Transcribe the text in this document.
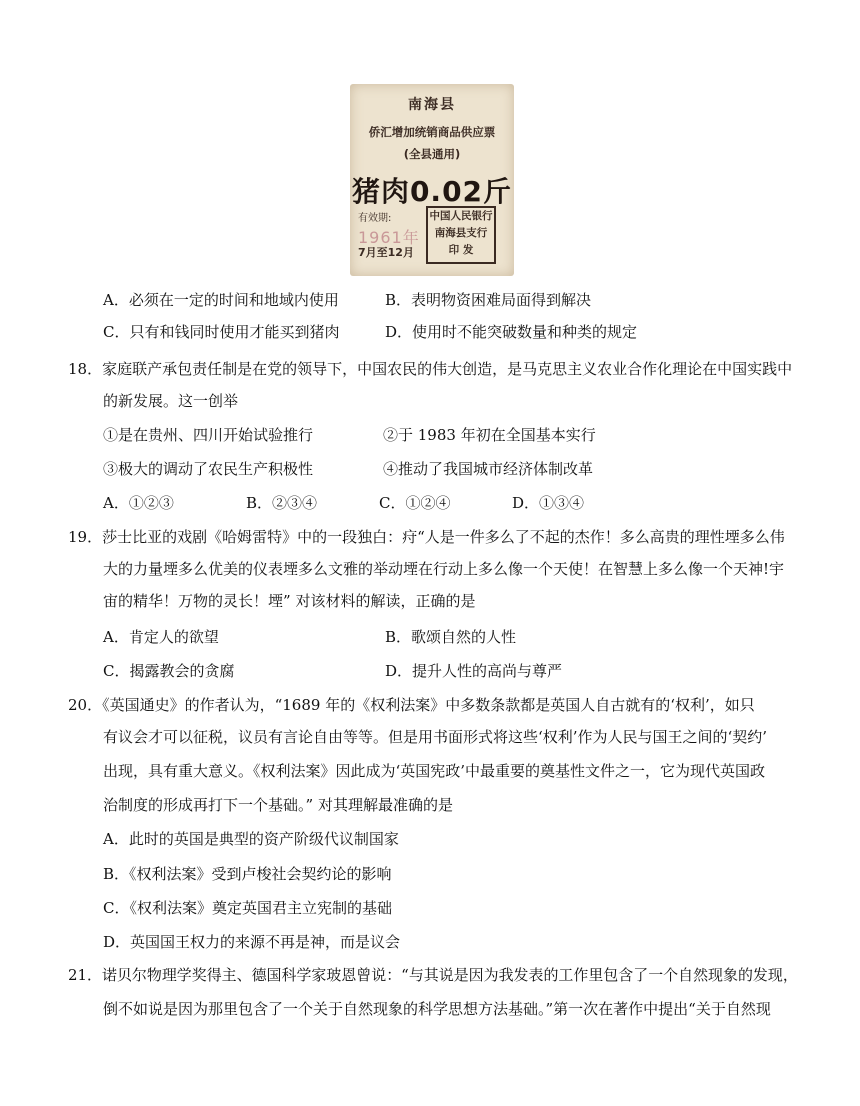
南海县
侨汇增加统销商品供应票
(全县通用)
猪肉0.02斤
有效期:
1961年
7月至12月
中国人民银行
南海县支行
印 发
A．必须在一定的时间和地域内使用	B．表明物资困难局面得到解决
C．只有和钱同时使用才能买到猪肉	D．使用时不能突破数量和种类的规定
18．家庭联产承包责任制是在党的领导下，中国农民的伟大创造，是马克思主义农业合作化理论在中国实践中
的新发展。这一创举
①是在贵州、四川开始试验推行	②于 1983 年初在全国基本实行
③极大的调动了农民生产积极性	④推动了我国城市经济体制改革
A．①②③	B．②③④	C．①②④	D．①③④
19．莎士比亚的戏剧《哈姆雷特》中的一段独白：疛“人是一件多么了不起的杰作！多么高贵的理性堙多么伟
大的力量堙多么优美的仪表堙多么文雅的举动堙在行动上多么像一个天使！在智慧上多么像一个天神!宇
宙的精华！万物的灵长！堙” 对该材料的解读，正确的是
A．肯定人的欲望	B．歌颂自然的人性
C．揭露教会的贪腐	D．提升人性的高尚与尊严
20．《英国通史》的作者认为，“1689 年的《权利法案》中多数条款都是英国人自古就有的‘权利’，如只
有议会才可以征税，议员有言论自由等等。但是用书面形式将这些‘权利’作为人民与国王之间的‘契约’
出现，具有重大意义。《权利法案》因此成为‘英国宪政’中最重要的奠基性文件之一，它为现代英国政
治制度的形成再打下一个基础。” 对其理解最准确的是
A．此时的英国是典型的资产阶级代议制国家
B．《权利法案》受到卢梭社会契约论的影响
C．《权利法案》奠定英国君主立宪制的基础
D．英国国王权力的来源不再是神，而是议会
21．诺贝尔物理学奖得主、德国科学家玻恩曾说：“与其说是因为我发表的工作里包含了一个自然现象的发现，
倒不如说是因为那里包含了一个关于自然现象的科学思想方法基础。”第一次在著作中提出“关于自然现
